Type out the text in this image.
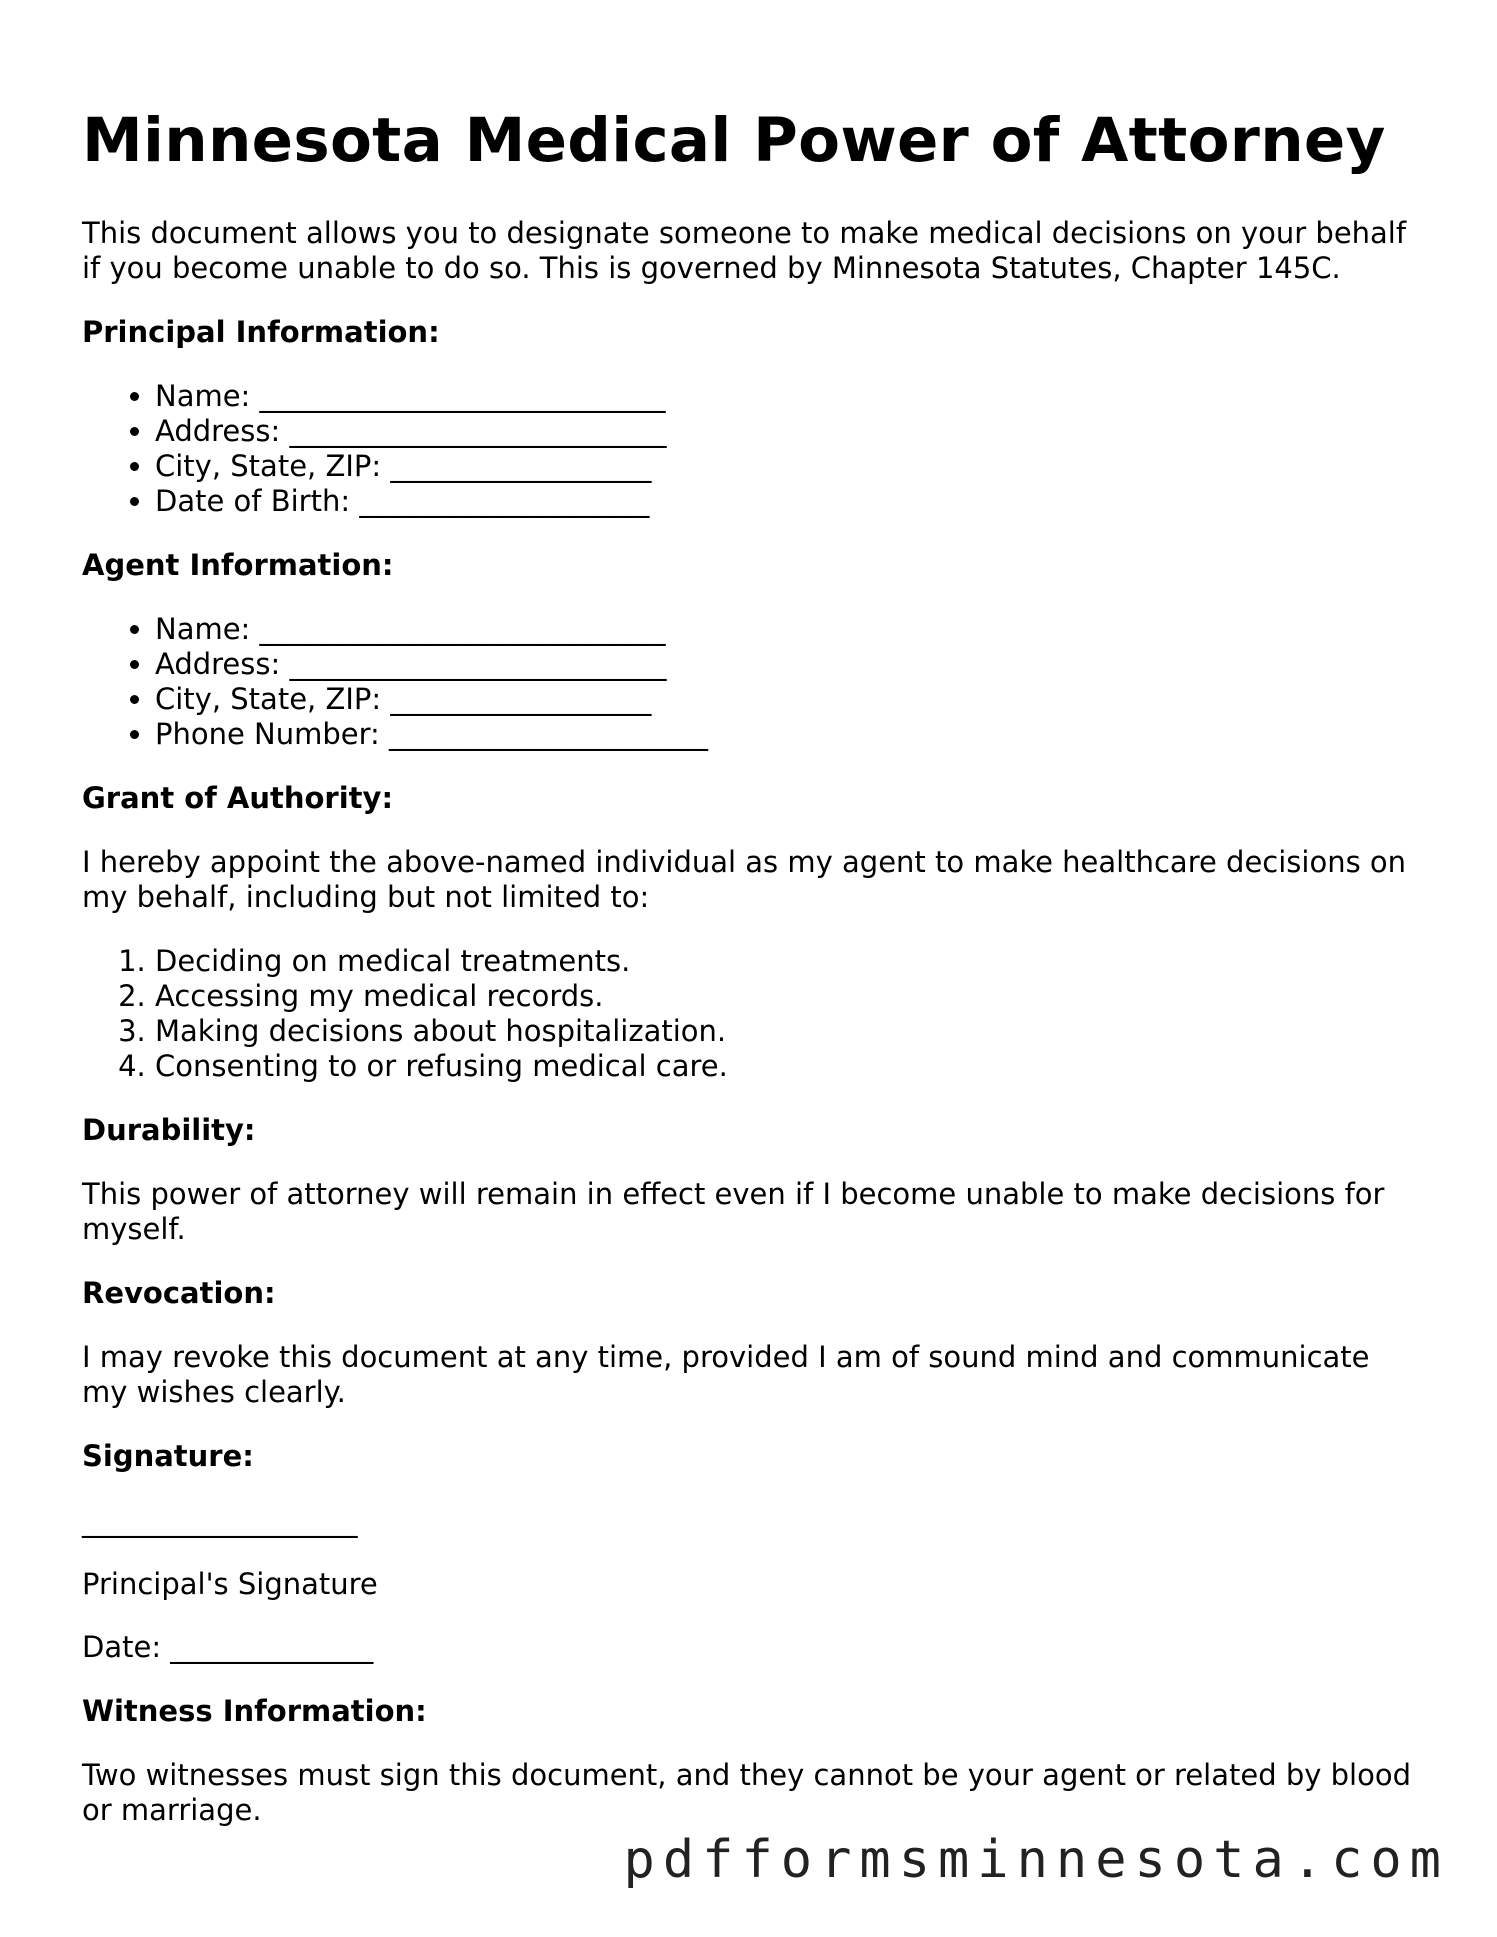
Minnesota Medical Power of Attorney

This document allows you to designate someone to make medical decisions on your behalf if you become unable to do so. This is governed by Minnesota Statutes, Chapter 145C.

Principal Information:

• Name: ____________________________
• Address: __________________________
• City, State, ZIP: __________________
• Date of Birth: ____________________

Agent Information:

• Name: ____________________________
• Address: __________________________
• City, State, ZIP: __________________
• Phone Number: ______________________

Grant of Authority:

I hereby appoint the above-named individual as my agent to make healthcare decisions on my behalf, including but not limited to:

1. Deciding on medical treatments.
2. Accessing my medical records.
3. Making decisions about hospitalization.
4. Consenting to or refusing medical care.

Durability:

This power of attorney will remain in effect even if I become unable to make decisions for myself.

Revocation:

I may revoke this document at any time, provided I am of sound mind and communicate my wishes clearly.

Signature:

___________________

Principal's Signature

Date: ______________

Witness Information:

Two witnesses must sign this document, and they cannot be your agent or related by blood or marriage.

pdfformsminnesota.com
